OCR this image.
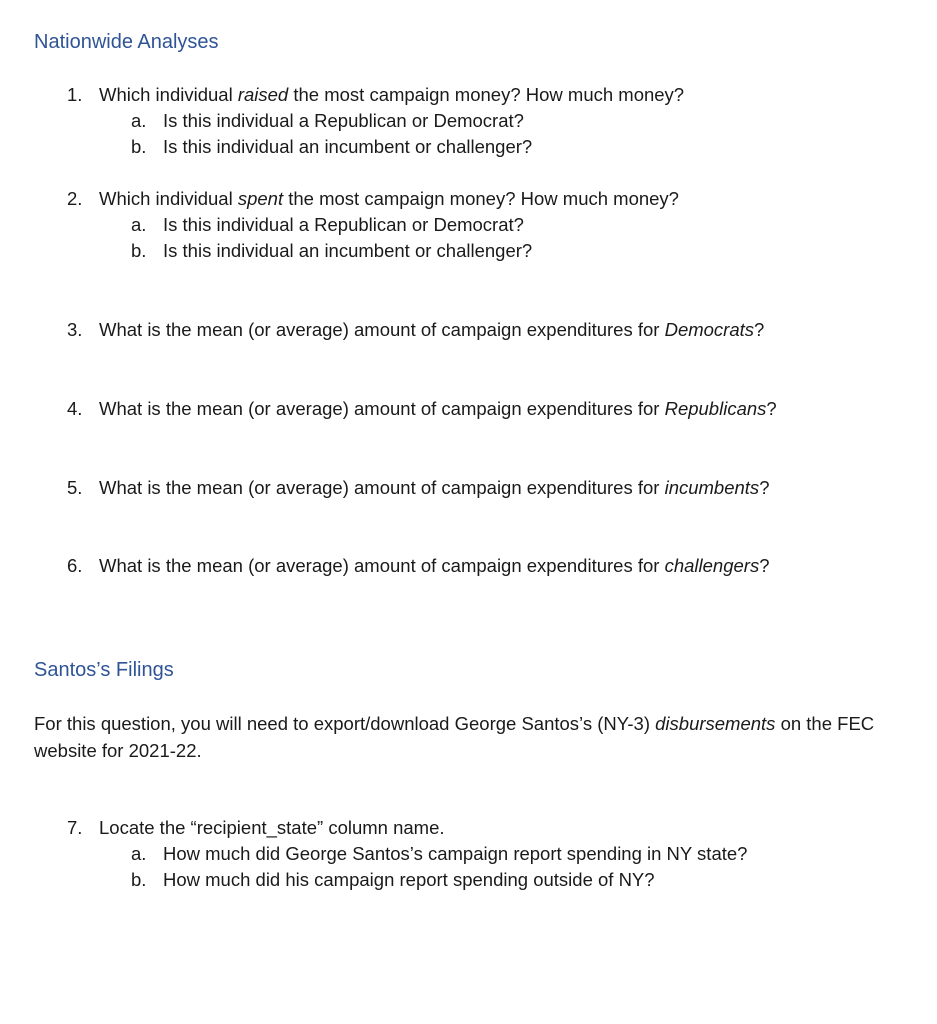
Nationwide Analyses
1. Which individual raised the most campaign money? How much money?
a. Is this individual a Republican or Democrat?
b. Is this individual an incumbent or challenger?
2. Which individual spent the most campaign money? How much money?
a. Is this individual a Republican or Democrat?
b. Is this individual an incumbent or challenger?
3. What is the mean (or average) amount of campaign expenditures for Democrats?
4. What is the mean (or average) amount of campaign expenditures for Republicans?
5. What is the mean (or average) amount of campaign expenditures for incumbents?
6. What is the mean (or average) amount of campaign expenditures for challengers?
Santos’s Filings

For this question, you will need to export/download George Santos’s (NY-3) disbursements on the FEC website for 2021-22.

7. Locate the “recipient_state” column name.
a. How much did George Santos’s campaign report spending in NY state?
b. How much did his campaign report spending outside of NY?
